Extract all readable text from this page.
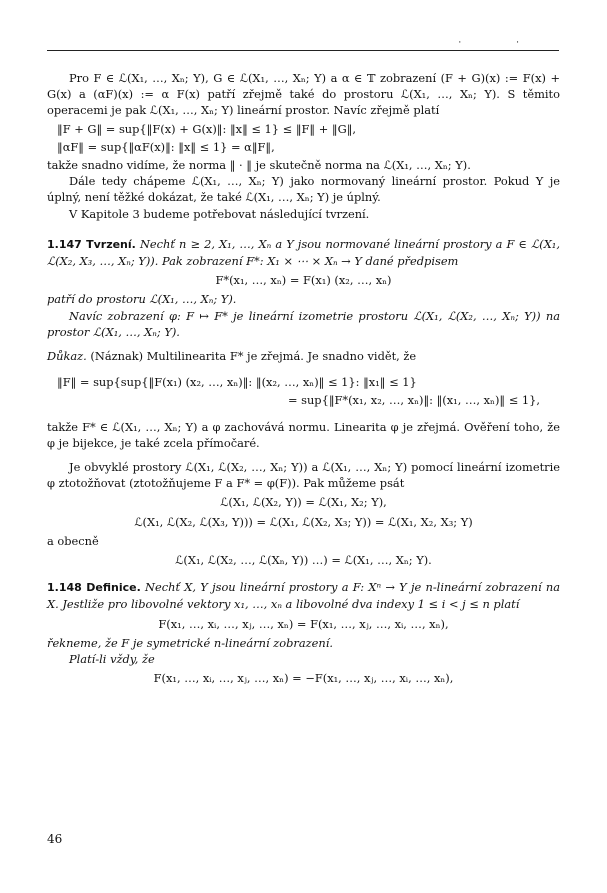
· ·

Pro F ∈ ℒ(X₁, …, Xₙ; Y), G ∈ ℒ(X₁, …, Xₙ; Y) a α ∈ 𝕋 zobrazení (F + G)(x) := F(x) + G(x) a (αF)(x) := α F(x) patří zřejmě také do prostoru ℒ(X₁, …, Xₙ; Y). S těmito operacemi je pak ℒ(X₁, …, Xₙ; Y) lineární prostor. Navíc zřejmě platí

‖F + G‖ = sup{‖F(x) + G(x)‖: ‖x‖ ≤ 1} ≤ ‖F‖ + ‖G‖,
‖αF‖ = sup{‖αF(x)‖: ‖x‖ ≤ 1} = α‖F‖,

takže snadno vidíme, že norma ‖ · ‖ je skutečně norma na ℒ(X₁, …, Xₙ; Y).

Dále tedy chápeme ℒ(X₁, …, Xₙ; Y) jako normovaný lineární prostor. Pokud Y je úplný, není těžké dokázat, že také ℒ(X₁, …, Xₙ; Y) je úplný.

V Kapitole 3 budeme potřebovat následující tvrzení.

1.147 Tvrzení. Nechť n ≥ 2, X₁, …, Xₙ a Y jsou normované lineární prostory a F ∈ ℒ(X₁, ℒ(X₂, X₃, …, Xₙ; Y)). Pak zobrazení F*: X₁ × ⋯ × Xₙ → Y dané předpisem

F*(x₁, …, xₙ) = F(x₁) (x₂, …, xₙ)

patří do prostoru ℒ(X₁, …, Xₙ; Y).

Navíc zobrazení φ: F ↦ F* je lineární izometrie prostoru ℒ(X₁, ℒ(X₂, …, Xₙ; Y)) na prostor ℒ(X₁, …, Xₙ; Y).

Důkaz. (Náznak) Multilinearita F* je zřejmá. Je snadno vidět, že

‖F‖ = sup{sup{‖F(x₁) (x₂, …, xₙ)‖: ‖(x₂, …, xₙ)‖ ≤ 1}: ‖x₁‖ ≤ 1}
= sup{‖F*(x₁, x₂, …, xₙ)‖: ‖(x₁, …, xₙ)‖ ≤ 1},

takže F* ∈ ℒ(X₁, …, Xₙ; Y) a φ zachovává normu. Linearita φ je zřejmá. Ověření toho, že φ je bijekce, je také zcela přímočaré.

Je obvyklé prostory ℒ(X₁, ℒ(X₂, …, Xₙ; Y)) a ℒ(X₁, …, Xₙ; Y) pomocí lineární izometrie φ ztotožňovat (ztotožňujeme F a F* = φ(F)). Pak můžeme psát

ℒ(X₁, ℒ(X₂, Y)) = ℒ(X₁, X₂; Y),
ℒ(X₁, ℒ(X₂, ℒ(X₃, Y))) = ℒ(X₁, ℒ(X₂, X₃; Y)) = ℒ(X₁, X₂, X₃; Y)

a obecně

ℒ(X₁, ℒ(X₂, …, ℒ(Xₙ, Y)) …) = ℒ(X₁, …, Xₙ; Y).

1.148 Definice. Nechť X, Y jsou lineární prostory a F: Xⁿ → Y je n-lineární zobrazení na X. Jestliže pro libovolné vektory x₁, …, xₙ a libovolné dva indexy 1 ≤ i < j ≤ n platí

F(x₁, …, xᵢ, …, xⱼ, …, xₙ) = F(x₁, …, xⱼ, …, xᵢ, …, xₙ),

řekneme, že F je symetrické n-lineární zobrazení.

Platí-li vždy, že

F(x₁, …, xᵢ, …, xⱼ, …, xₙ) = −F(x₁, …, xⱼ, …, xᵢ, …, xₙ),
46
